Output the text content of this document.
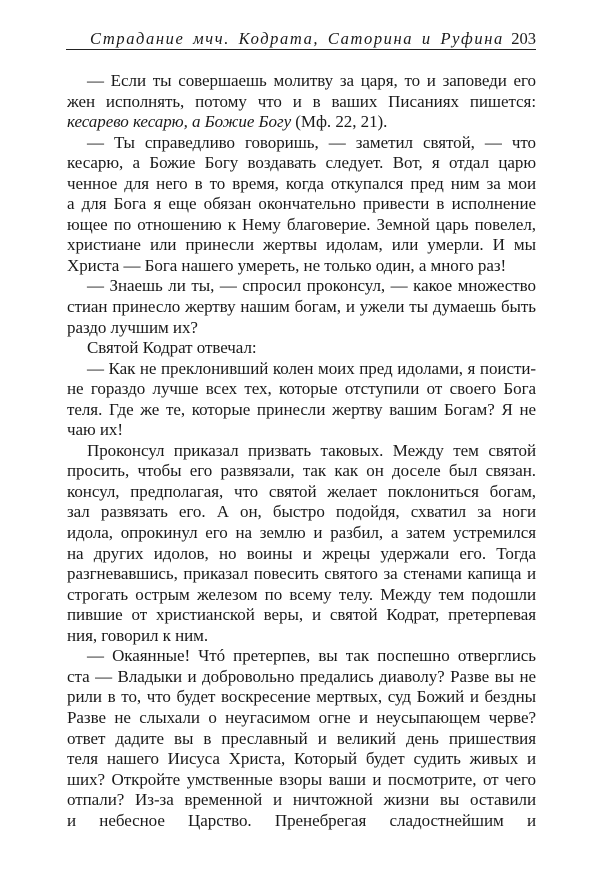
Страдание мчч. Кодрата, Саторина и Руфина 203
— Если ты совершаешь молитву за царя, то и заповеди его
жен исполнять, потому что и в ваших Писаниях пишется:
кесарево кесарю, а Божие Богу (Мф. 22, 21).
— Ты справедливо говоришь, — заметил святой, — что
кесарю, а Божие Богу воздавать следует. Вот, я отдал царю
ченное для него в то время, когда откупался пред ним за мои
а для Бога я еще обязан окончательно привести в исполнение
ющее по отношению к Нему благоверие. Земной царь повелел,
христиане или принесли жертвы идолам, или умерли. И мы
Христа — Бога нашего умереть, не только один, а много раз!
— Знаешь ли ты, — спросил проконсул, — какое множество
стиан принесло жертву нашим богам, и ужели ты думаешь быть
раздо лучшим их?
Святой Кодрат отвечал:
— Как не преклонивший колен моих пред идолами, я поисти-
не гораздо лучше всех тех, которые отступили от своего Бога
теля. Где же те, которые принесли жертву вашим Богам? Я не
чаю их!
Проконсул приказал призвать таковых. Между тем святой
просить, чтобы его развязали, так как он доселе был связан.
консул, предполагая, что святой желает поклониться богам,
зал развязать его. А он, быстро подойдя, схватил за ноги
идола, опрокинул его на землю и разбил, а затем устремился
на других идолов, но воины и жрецы удержали его. Тогда
разгневавшись, приказал повесить святого за стенами капища и
строгать острым железом по всему телу. Между тем подошли
пившие от христианской веры, и святой Кодрат, претерпевая
ния, говорил к ним.
— Окаянные! Чтó претерпев, вы так поспешно отверглись
ста — Владыки и добровольно предались диаволу? Разве вы не
рили в то, что будет воскресение мертвых, суд Божий и бездны
Разве не слыхали о неугасимом огне и неусыпающем черве?
ответ дадите вы в преславный и великий день пришествия
теля нашего Иисуса Христа, Который будет судить живых и
ших? Откройте умственные взоры ваши и посмотрите, от чего
отпали? Из-за временной и ничтожной жизни вы оставили
и небесное Царство. Пренебрегая сладостнейшим и
